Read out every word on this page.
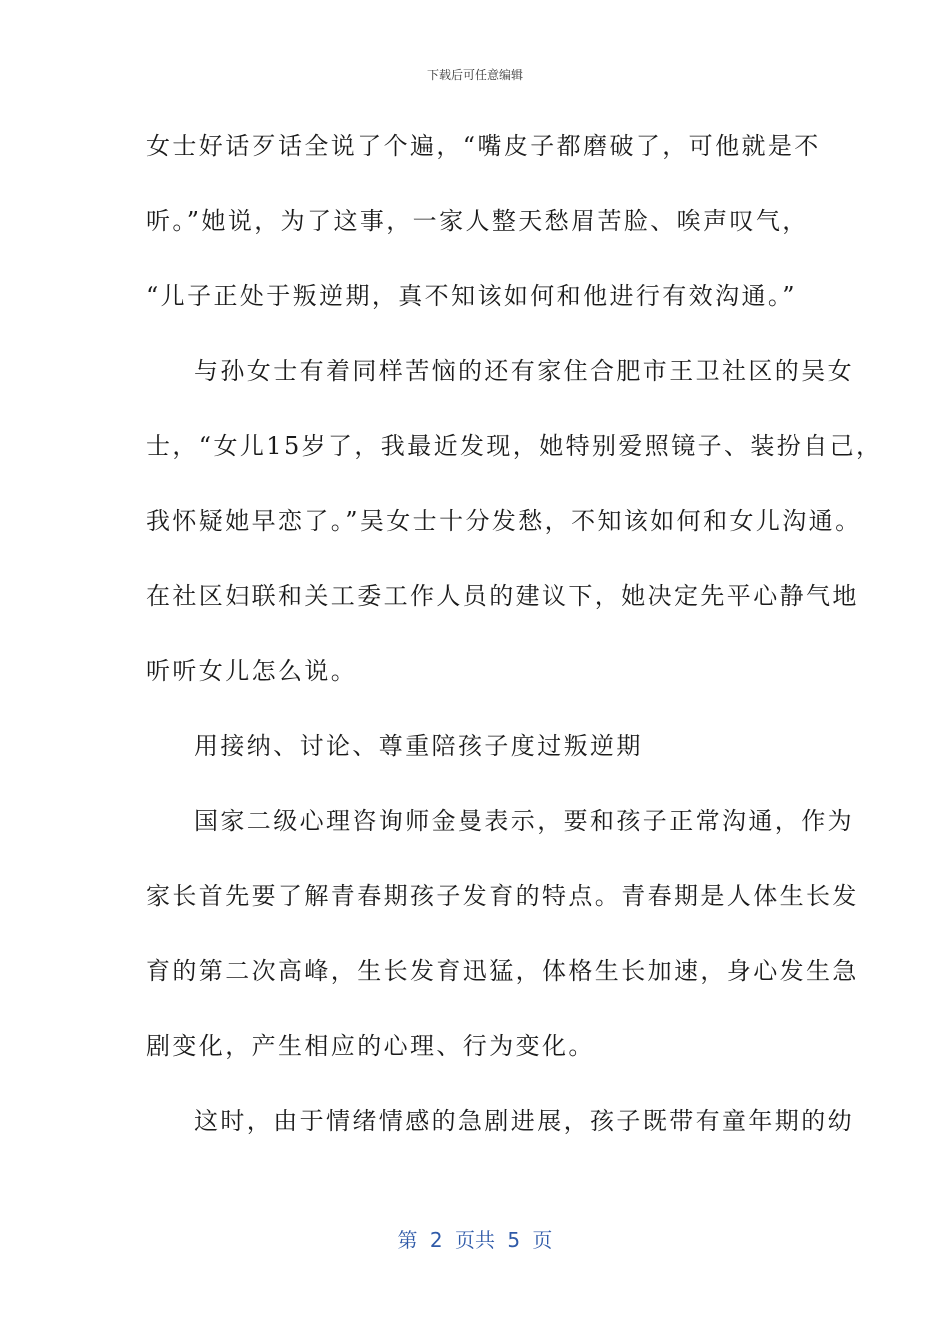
下载后可任意编辑
女士好话歹话全说了个遍，“嘴皮子都磨破了，可他就是不
听。”她说，为了这事，一家人整天愁眉苦脸、唉声叹气，
“儿子正处于叛逆期，真不知该如何和他进行有效沟通。”
与孙女士有着同样苦恼的还有家住合肥市王卫社区的吴女
士，“女儿15岁了，我最近发现，她特别爱照镜子、装扮自己，
我怀疑她早恋了。”吴女士十分发愁，不知该如何和女儿沟通。
在社区妇联和关工委工作人员的建议下，她决定先平心静气地
听听女儿怎么说。
用接纳、讨论、尊重陪孩子度过叛逆期
国家二级心理咨询师金曼表示，要和孩子正常沟通，作为
家长首先要了解青春期孩子发育的特点。青春期是人体生长发
育的第二次高峰，生长发育迅猛，体格生长加速，身心发生急
剧变化，产生相应的心理、行为变化。
这时，由于情绪情感的急剧进展，孩子既带有童年期的幼
第 2 页共 5 页
